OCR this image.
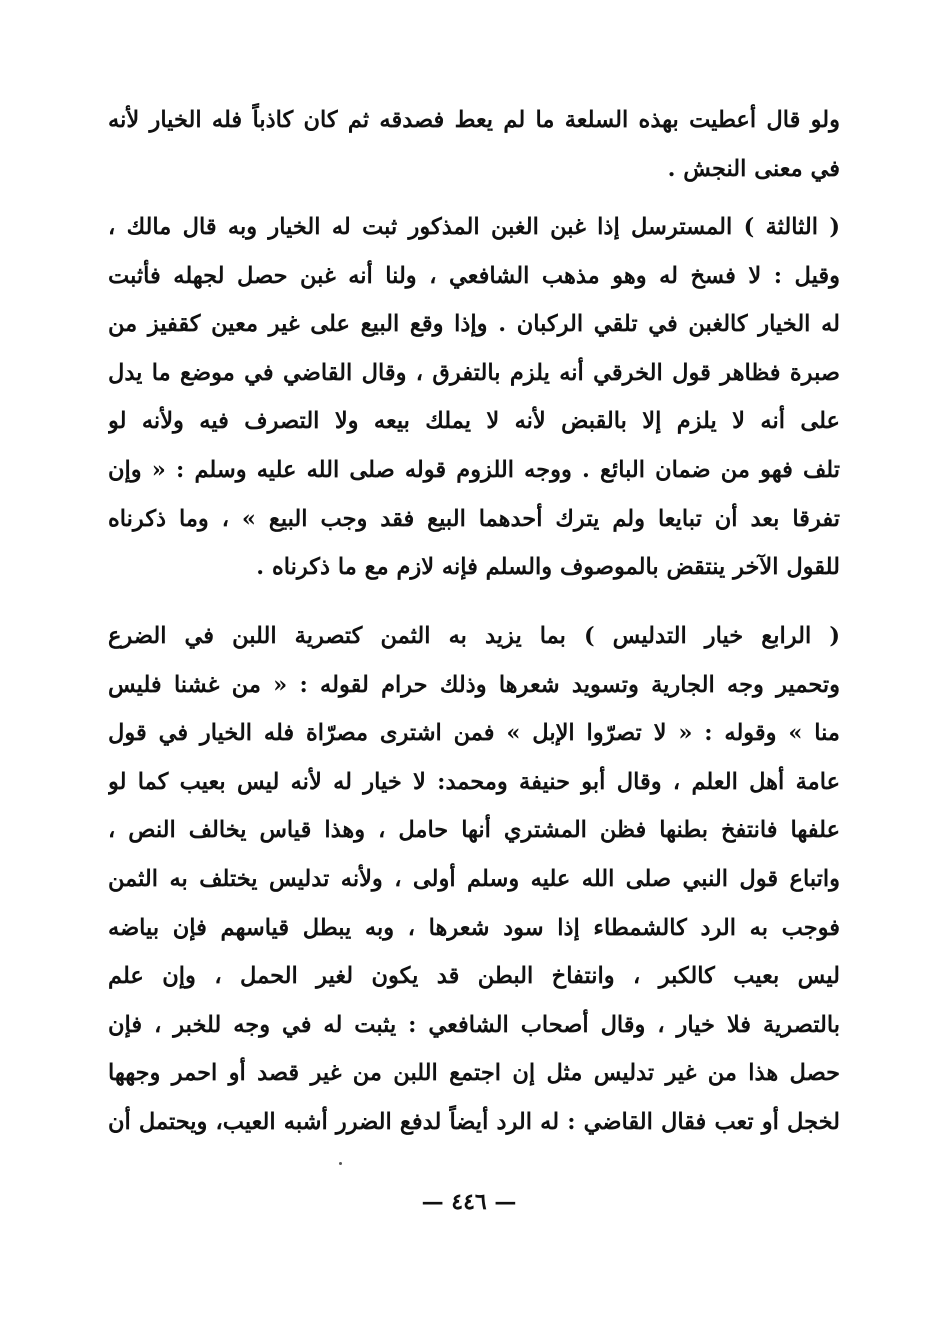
ولو قال أعطيت بهذه السلعة ما لم يعط فصدقه ثم كان كاذباً فله الخيار لأنه
في معنى النجش .
( الثالثة ) المسترسل إذا غبن الغبن المذكور ثبت له الخيار وبه قال مالك ،
وقيل : لا فسخ له وهو مذهب الشافعي ، ولنا أنه غبن حصل لجهله فأثبت
له الخيار كالغبن في تلقي الركبان . وإذا وقع البيع على غير معين كقفيز من
صبرة فظاهر قول الخرقي أنه يلزم بالتفرق ، وقال القاضي في موضع ما يدل
على أنه لا يلزم إلا بالقبض لأنه لا يملك بيعه ولا التصرف فيه ولأنه لو
تلف فهو من ضمان البائع . ووجه اللزوم قوله صلى الله عليه وسلم : « وإن
تفرقا بعد أن تبايعا ولم يترك أحدهما البيع فقد وجب البيع » ، وما ذكرناه
للقول الآخر ينتقض بالموصوف والسلم فإنه لازم مع ما ذكرناه .
( الرابع خيار التدليس ) بما يزيد به الثمن كتصرية اللبن في الضرع
وتحمير وجه الجارية وتسويد شعرها وذلك حرام لقوله : « من غشنا فليس
منا » وقوله : « لا تصرّوا الإبل » فمن اشترى مصرّاة فله الخيار في قول
عامة أهل العلم ، وقال أبو حنيفة ومحمد: لا خيار له لأنه ليس بعيب كما لو
علفها فانتفخ بطنها فظن المشتري أنها حامل ، وهذا قياس يخالف النص ،
واتباع قول النبي صلى الله عليه وسلم أولى ، ولأنه تدليس يختلف به الثمن
فوجب به الرد كالشمطاء إذا سود شعرها ، وبه يبطل قياسهم فإن بياضه
ليس بعيب كالكبر ، وانتفاخ البطن قد يكون لغير الحمل ، وإن علم
بالتصرية فلا خيار ، وقال أصحاب الشافعي : يثبت له في وجه للخبر ، فإن
حصل هذا من غير تدليس مثل إن اجتمع اللبن من غير قصد أو احمر وجهها
لخجل أو تعب فقال القاضي : له الرد أيضاً لدفع الضرر أشبه العيب، ويحتمل أن
— ٤٤٦ —
